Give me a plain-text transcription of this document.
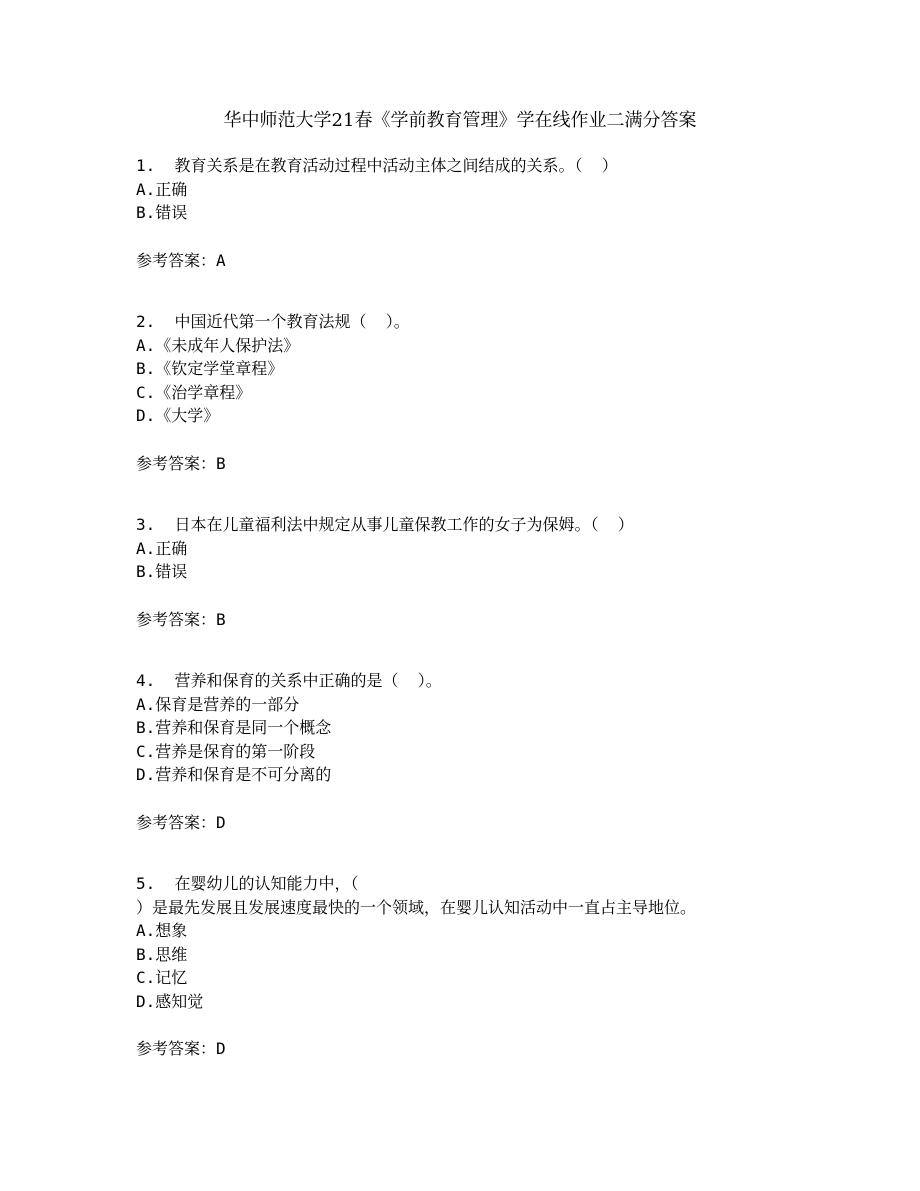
华中师范大学21春《学前教育管理》学在线作业二满分答案

1. 教育关系是在教育活动过程中活动主体之间结成的关系。（  ）

A.正确

B.错误

参考答案：A

2. 中国近代第一个教育法规（  ）。

A.《未成年人保护法》

B.《钦定学堂章程》

C.《治学章程》

D.《大学》

参考答案：B

3. 日本在儿童福利法中规定从事儿童保教工作的女子为保姆。（  ）

A.正确

B.错误

参考答案：B

4. 营养和保育的关系中正确的是（  ）。

A.保育是营养的一部分

B.营养和保育是同一个概念

C.营养是保育的第一阶段

D.营养和保育是不可分离的

参考答案：D

5. 在婴幼儿的认知能力中，（
）是最先发展且发展速度最快的一个领域，在婴儿认知活动中一直占主导地位。

A.想象

B.思维

C.记忆

D.感知觉

参考答案：D
